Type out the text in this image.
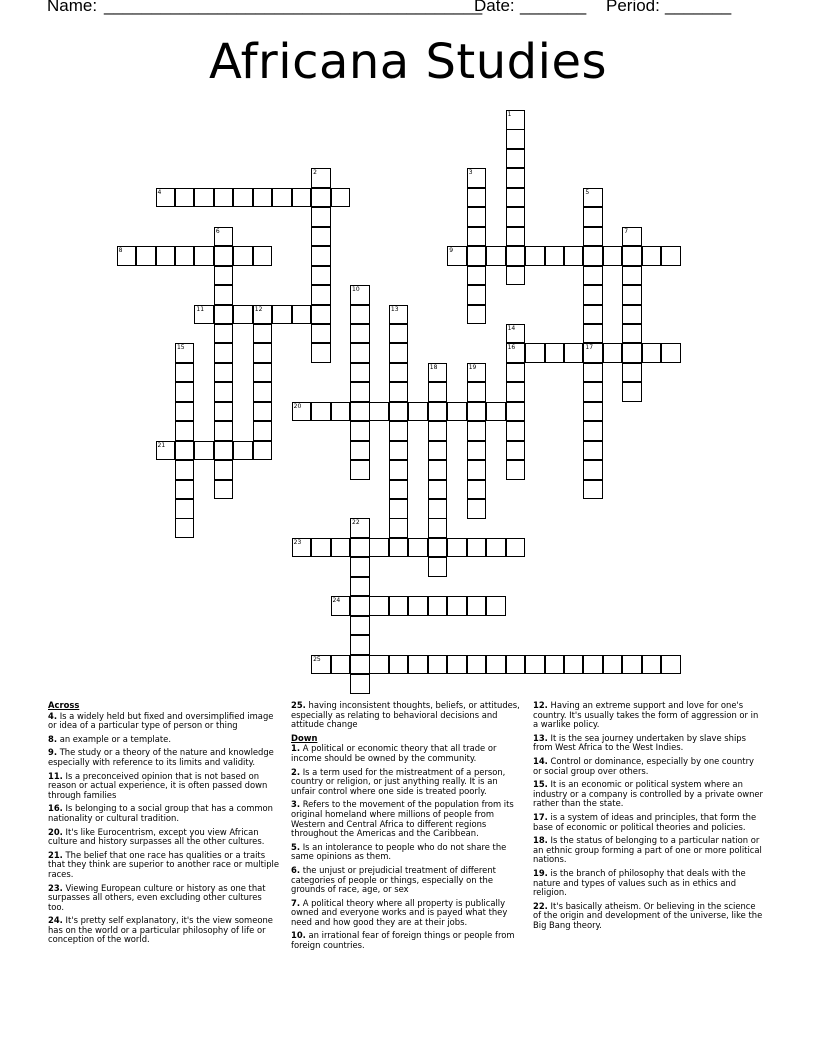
Name: ________________________________________
Date: _______ Period: _______
Africana Studies
1
2	3
4	5
6	7
8	9
10
11	12	13
14
15	16	17
18	19
20
21
22
23
24
25
Across
4. Is a widely held but fixed and oversimplified image or idea of a particular type of person or thing
8. an example or a template.
9. The study or a theory of the nature and knowledge especially with reference to its limits and validity.
11. Is a preconceived opinion that is not based on reason or actual experience, it is often passed down through families
16. Is belonging to a social group that has a common nationality or cultural tradition.
20. It's like Eurocentrism, except you view African culture and history surpasses all the other cultures.
21. The belief that one race has qualities or a traits that they think are superior to another race or multiple races.
23. Viewing European culture or history as one that surpasses all others, even excluding other cultures too.
24. It's pretty self explanatory, it's the view someone has on the world or a particular philosophy of life or conception of the world.
25. having inconsistent thoughts, beliefs, or attitudes, especially as relating to behavioral decisions and attitude change
Down
1. A political or economic theory that all trade or income should be owned by the community.
2. Is a term used for the mistreatment of a person, country or religion, or just anything really. It is an unfair control where one side is treated poorly.
3. Refers to the movement of the population from its original homeland where millions of people from Western and Central Africa to different regions throughout the Americas and the Caribbean.
5. Is an intolerance to people who do not share the same opinions as them.
6. the unjust or prejudicial treatment of different categories of people or things, especially on the grounds of race, age, or sex
7. A political theory where all property is publically owned and everyone works and is payed what they need and how good they are at their jobs.
10. an irrational fear of foreign things or people from foreign countries.
12. Having an extreme support and love for one's country. It's usually takes the form of aggression or in a warlike policy.
13. It is the sea journey undertaken by slave ships from West Africa to the West Indies.
14. Control or dominance, especially by one country or social group over others.
15. It is an economic or political system where an industry or a company is controlled by a private owner rather than the state.
17. is a system of ideas and principles, that form the base of economic or political theories and policies.
18. Is the status of belonging to a particular nation or an ethnic group forming a part of one or more political nations.
19. is the branch of philosophy that deals with the nature and types of values such as in ethics and religion.
22. It's basically atheism. Or believing in the science of the origin and development of the universe, like the Big Bang theory.
